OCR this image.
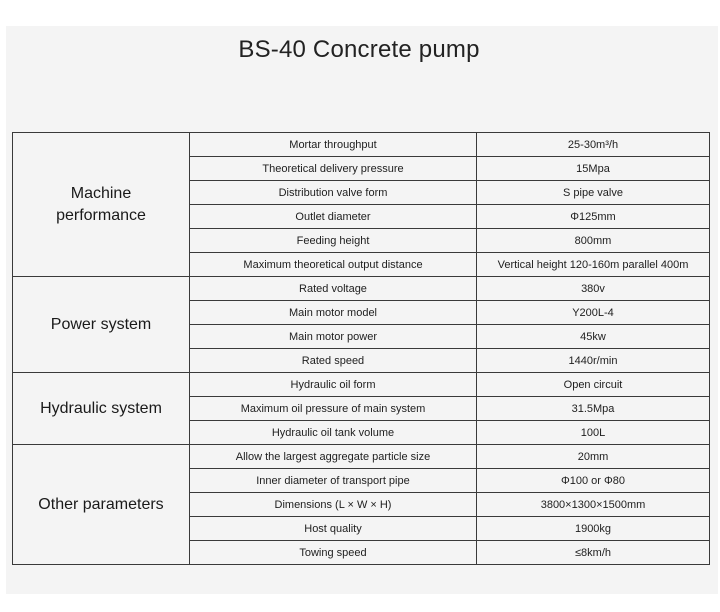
BS-40 Concrete pump
Machine
performance	Mortar throughput	25-30m³/h
	Theoretical delivery pressure	15Mpa
	Distribution valve form	S pipe valve
	Outlet diameter	Φ125mm
	Feeding height	800mm
	Maximum theoretical output distance	Vertical height 120-160m parallel 400m
Power system	Rated voltage	380v
	Main motor model	Y200L-4
	Main motor power	45kw
	Rated speed	1440r/min
Hydraulic system	Hydraulic oil form	Open circuit
	Maximum oil pressure of main system	31.5Mpa
	Hydraulic oil tank volume	100L
Other parameters	Allow the largest aggregate particle size	20mm
	Inner diameter of transport pipe	Φ100 or Φ80
	Dimensions (L × W × H)	3800×1300×1500mm
	Host quality	1900kg
	Towing speed	≤8km/h
